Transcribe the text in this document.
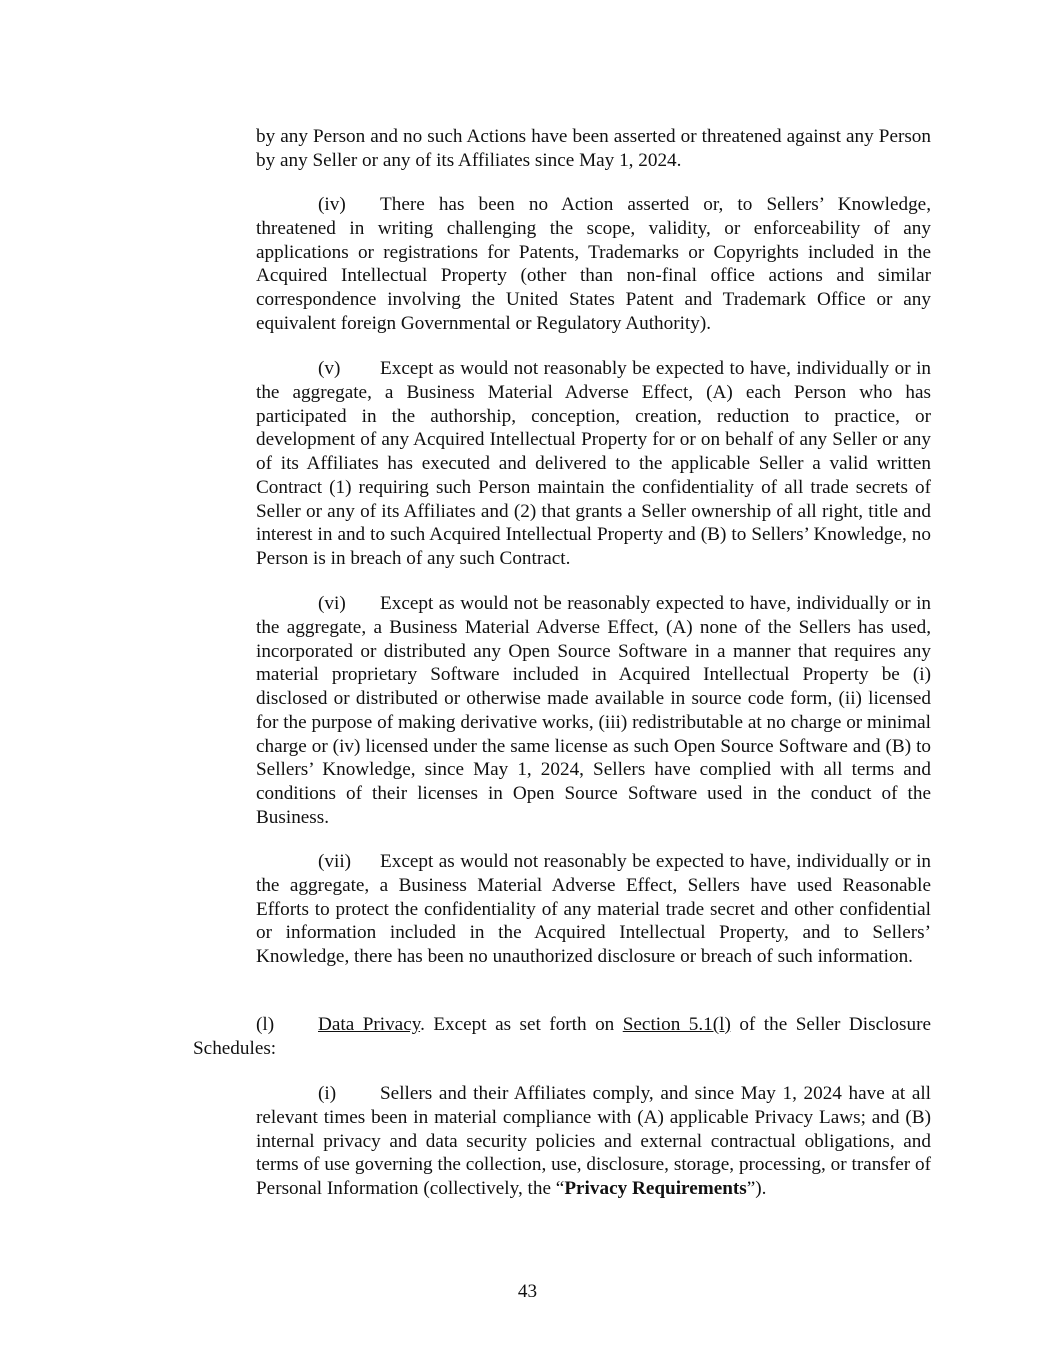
by any Person and no such Actions have been asserted or threatened against any Person by any Seller or any of its Affiliates since May 1, 2024.

(iv) There has been no Action asserted or, to Sellers’ Knowledge, threatened in writing challenging the scope, validity, or enforceability of any applications or registrations for Patents, Trademarks or Copyrights included in the Acquired Intellectual Property (other than non-final office actions and similar correspondence involving the United States Patent and Trademark Office or any equivalent foreign Governmental or Regulatory Authority).

(v) Except as would not reasonably be expected to have, individually or in the aggregate, a Business Material Adverse Effect, (A) each Person who has participated in the authorship, conception, creation, reduction to practice, or development of any Acquired Intellectual Property for or on behalf of any Seller or any of its Affiliates has executed and delivered to the applicable Seller a valid written Contract (1) requiring such Person maintain the confidentiality of all trade secrets of Seller or any of its Affiliates and (2) that grants a Seller ownership of all right, title and interest in and to such Acquired Intellectual Property and (B) to Sellers’ Knowledge, no Person is in breach of any such Contract.

(vi) Except as would not be reasonably expected to have, individually or in the aggregate, a Business Material Adverse Effect, (A) none of the Sellers has used, incorporated or distributed any Open Source Software in a manner that requires any material proprietary Software included in Acquired Intellectual Property be (i) disclosed or distributed or otherwise made available in source code form, (ii) licensed for the purpose of making derivative works, (iii) redistributable at no charge or minimal charge or (iv) licensed under the same license as such Open Source Software and (B) to Sellers’ Knowledge, since May 1, 2024, Sellers have complied with all terms and conditions of their licenses in Open Source Software used in the conduct of the Business.

(vii) Except as would not reasonably be expected to have, individually or in the aggregate, a Business Material Adverse Effect, Sellers have used Reasonable Efforts to protect the confidentiality of any material trade secret and other confidential or information included in the Acquired Intellectual Property, and to Sellers’ Knowledge, there has been no unauthorized disclosure or breach of such information.

(l) Data Privacy. Except as set forth on Section 5.1(l) of the Seller Disclosure Schedules:

(i) Sellers and their Affiliates comply, and since May 1, 2024 have at all relevant times been in material compliance with (A) applicable Privacy Laws; and (B) internal privacy and data security policies and external contractual obligations, and terms of use governing the collection, use, disclosure, storage, processing, or transfer of Personal Information (collectively, the “Privacy Requirements”).

43
